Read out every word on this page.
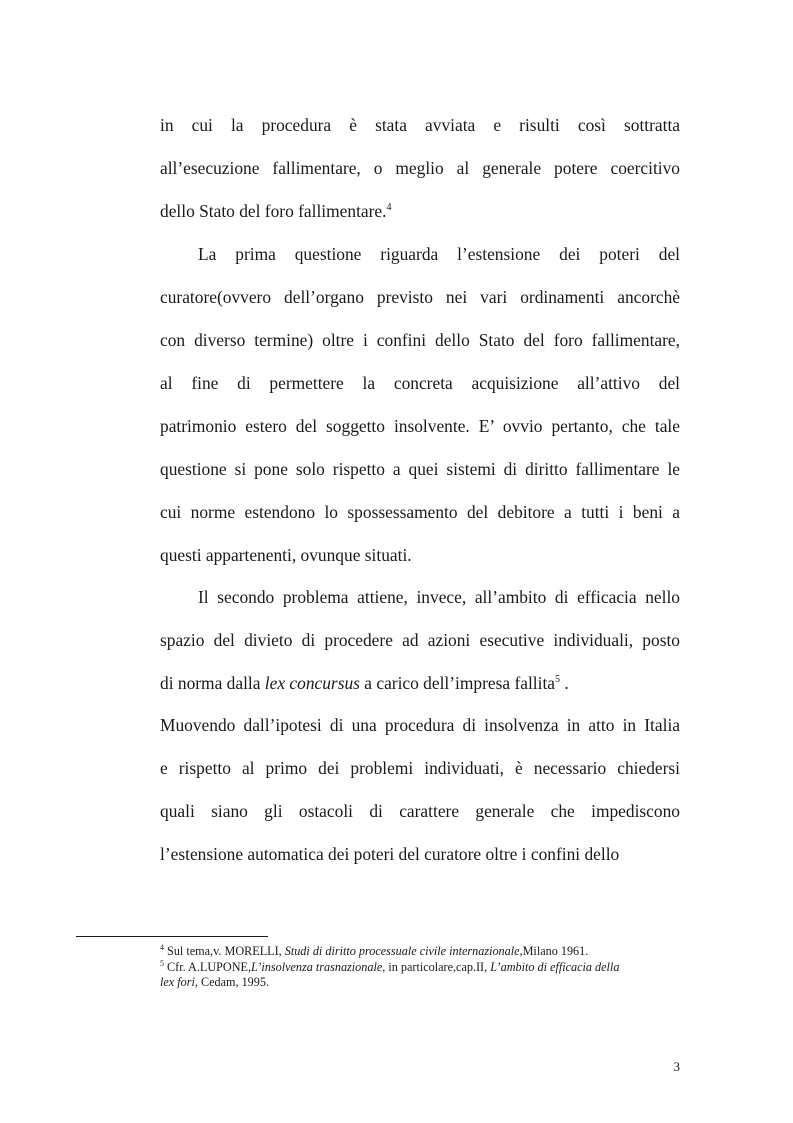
in cui la procedura è stata avviata e risulti così sottratta
all’esecuzione fallimentare, o meglio al generale potere coercitivo
dello Stato del foro fallimentare.$^4$
La prima questione riguarda l’estensione dei poteri del
curatore(ovvero dell’organo previsto nei vari ordinamenti ancorchè
con diverso termine) oltre i confini dello Stato del foro fallimentare,
al fine di permettere la concreta acquisizione all’attivo del
patrimonio estero del soggetto insolvente. E’ ovvio pertanto, che tale
questione si pone solo rispetto a quei sistemi di diritto fallimentare le
cui norme estendono lo spossessamento del debitore a tutti i beni a
questi appartenenti, ovunque situati.
Il secondo problema attiene, invece, all’ambito di efficacia nello
spazio del divieto di procedere ad azioni esecutive individuali, posto
di norma dalla lex concursus a carico dell’impresa fallita$^5$ .
Muovendo dall’ipotesi di una procedura di insolvenza in atto in Italia
e rispetto al primo dei problemi individuati, è necessario chiedersi
quali siano gli ostacoli di carattere generale che impediscono
l’estensione automatica dei poteri del curatore oltre i confini dello
$^4$ Sul tema,v. MORELLI, Studi di diritto processuale civile internazionale,Milano 1961.
$^5$ Cfr. A.LUPONE,L’insolvenza trasnazionale, in particolare,cap.II, L’ambito di efficacia della
lex fori, Cedam, 1995.
3
